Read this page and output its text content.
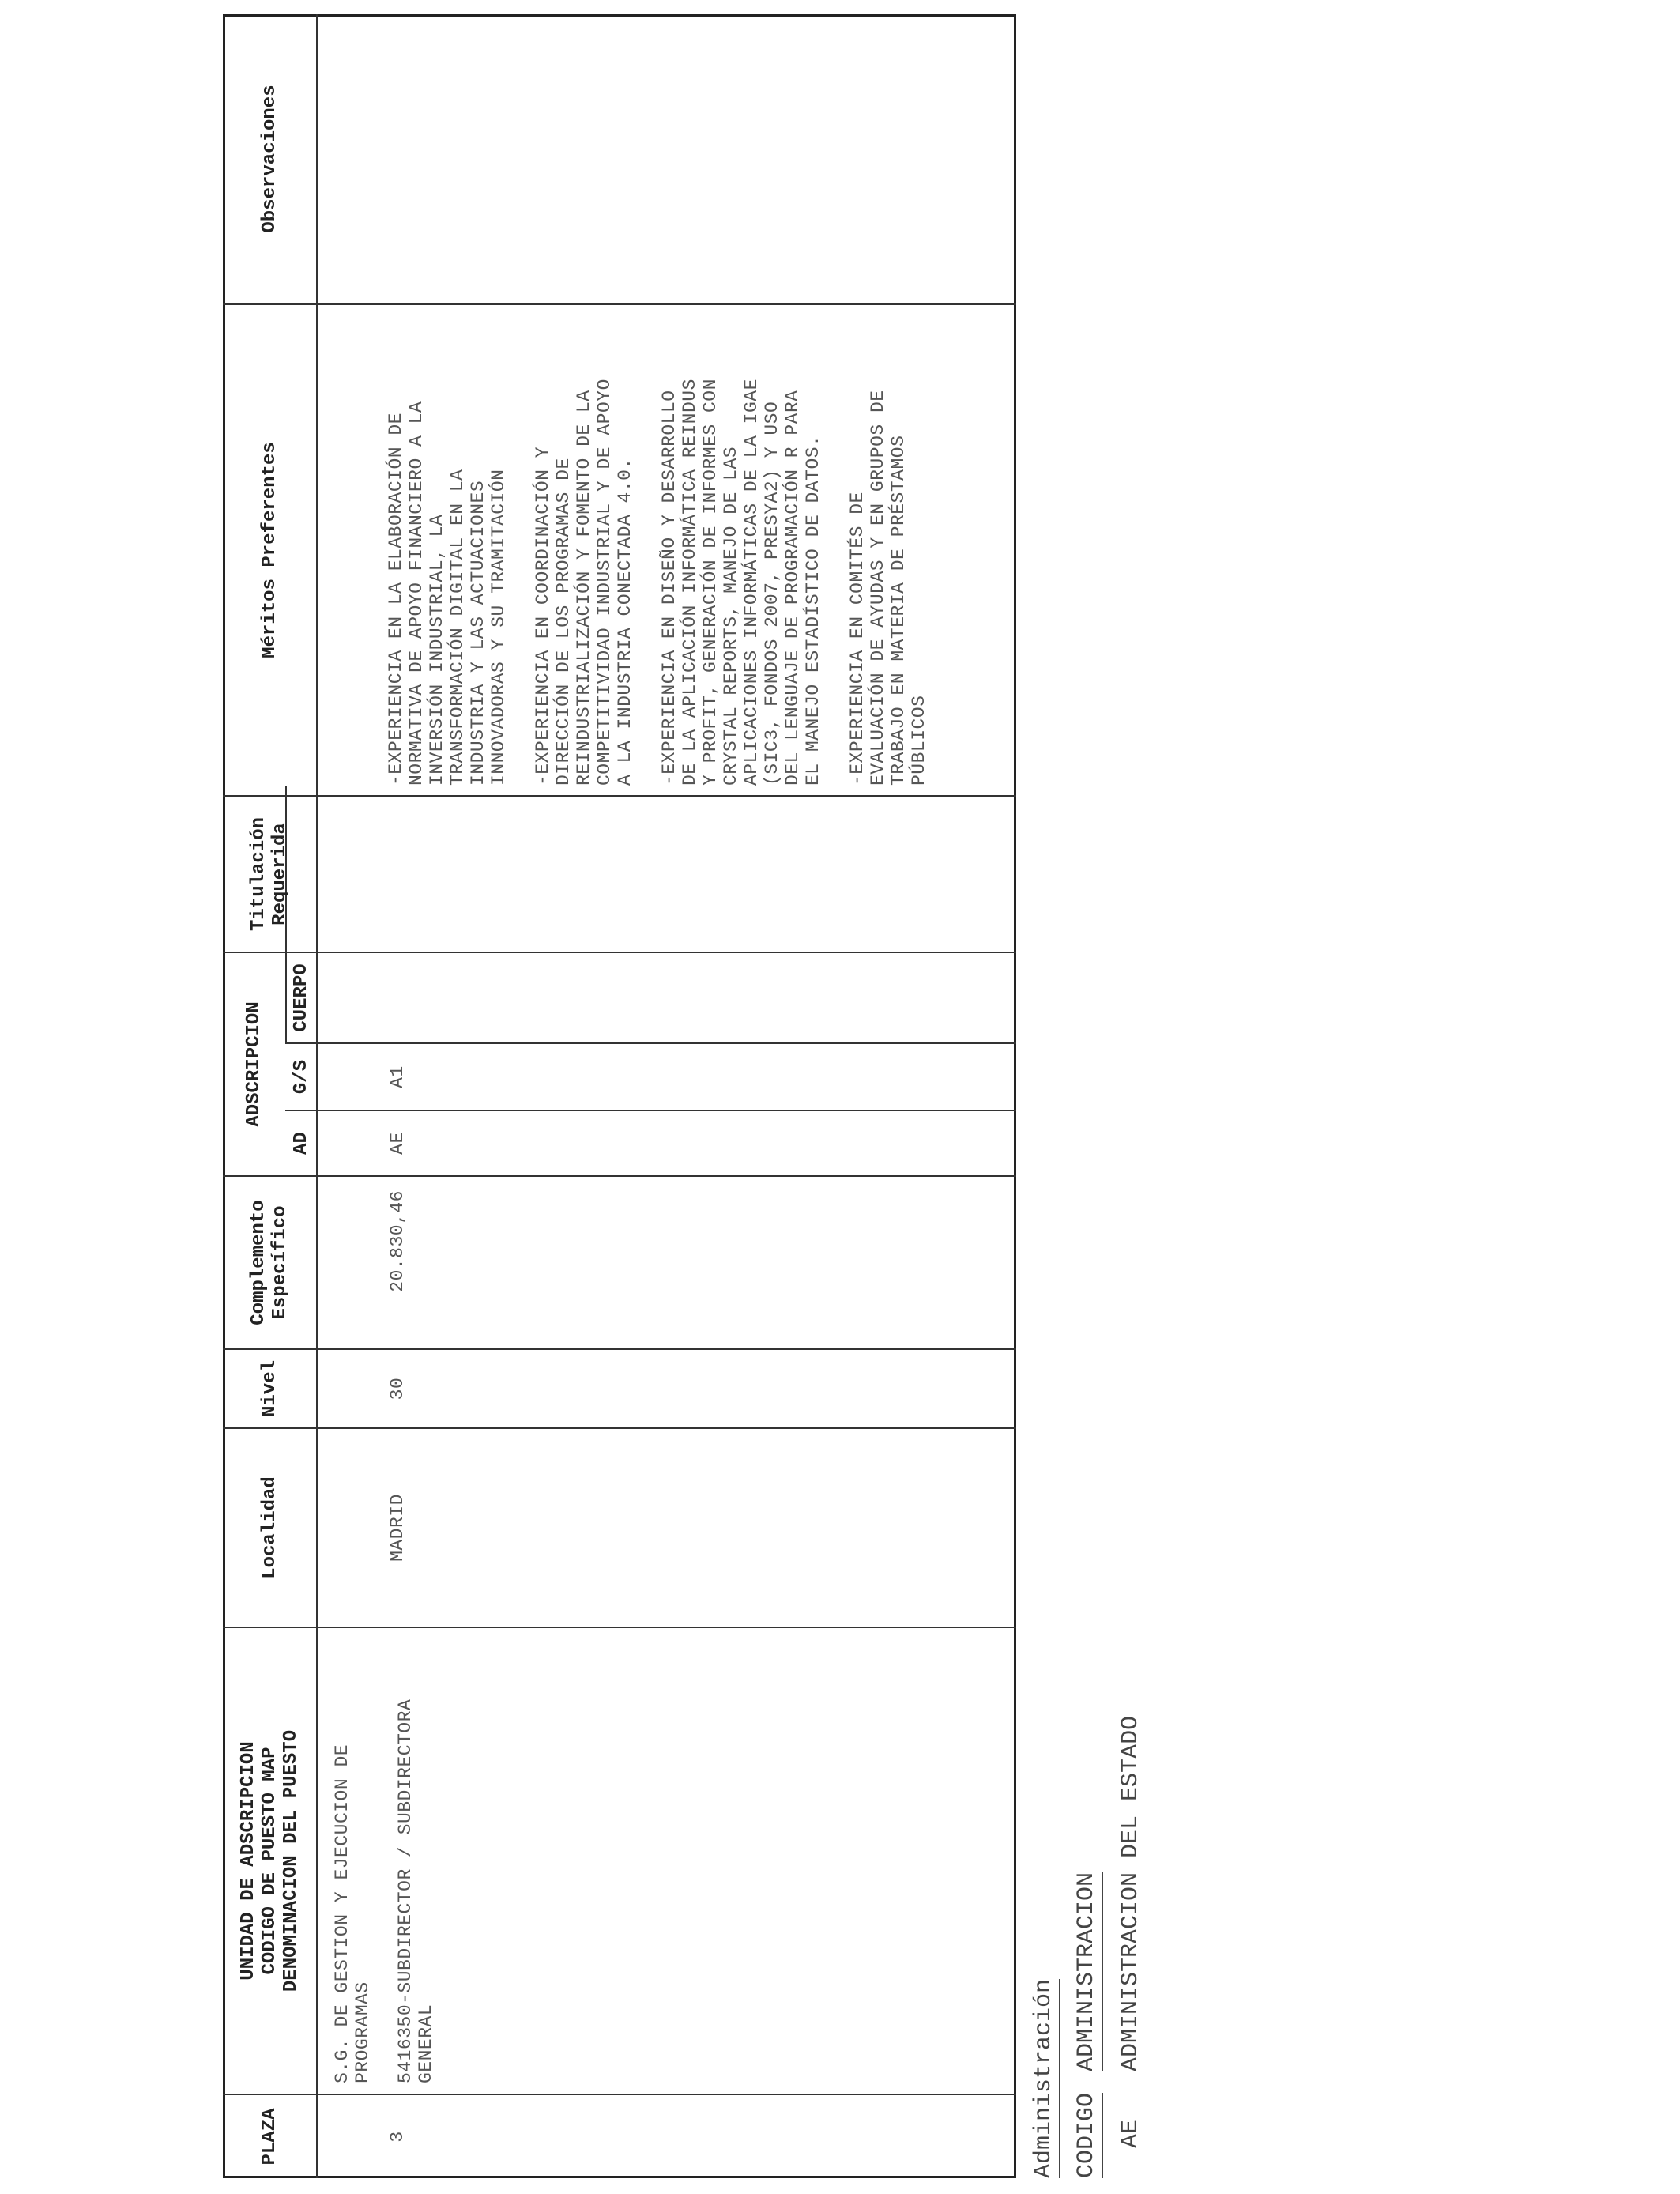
PLAZA
UNIDAD DE ADSCRIPCION CODIGO DE PUESTO MAP DENOMINACION DEL PUESTO
Localidad
Nivel
Complemento Específico
ADSCRIPCION
AD
G/S
CUERPO
Titulación Requerida
Méritos Preferentes
Observaciones
3
S.G. DE GESTION Y EJECUCION DE PROGRAMAS 5416350-SUBDIRECTOR / SUBDIRECTORA GENERAL
MADRID
30
20.830,46
AE
A1
-EXPERIENCIA EN LA ELABORACIÓN DE
NORMATIVA DE APOYO FINANCIERO A LA
INVERSIÓN INDUSTRIAL, LA
TRANSFORMACIÓN DIGITAL EN LA
INDUSTRIA Y LAS ACTUACIONES
INNOVADORAS Y SU TRAMITACIÓN
-EXPERIENCIA EN COORDINACIÓN Y
DIRECCIÓN DE LOS PROGRAMAS DE
REINDUSTRIALIZACIÓN Y FOMENTO DE LA
COMPETITIVIDAD INDUSTRIAL Y DE APOYO
A LA INDUSTRIA CONECTADA 4.0.
-EXPERIENCIA EN DISEÑO Y DESARROLLO
DE LA APLICACIÓN INFORMÁTICA REINDUS
Y PROFIT, GENERACIÓN DE INFORMES CON
CRYSTAL REPORTS, MANEJO DE LAS
APLICACIONES INFORMÁTICAS DE LA IGAE
(SIC3, FONDOS 2007, PRESYA2) Y USO
DEL LENGUAJE DE PROGRAMACIÓN R PARA
EL MANEJO ESTADÍSTICO DE DATOS.
-EXPERIENCIA EN COMITÉS DE
EVALUACIÓN DE AYUDAS Y EN GRUPOS DE
TRABAJO EN MATERIA DE PRÉSTAMOS
PÚBLICOS
Administración CODIGO
ADMINISTRACION
AE
ADMINISTRACION DEL ESTADO
